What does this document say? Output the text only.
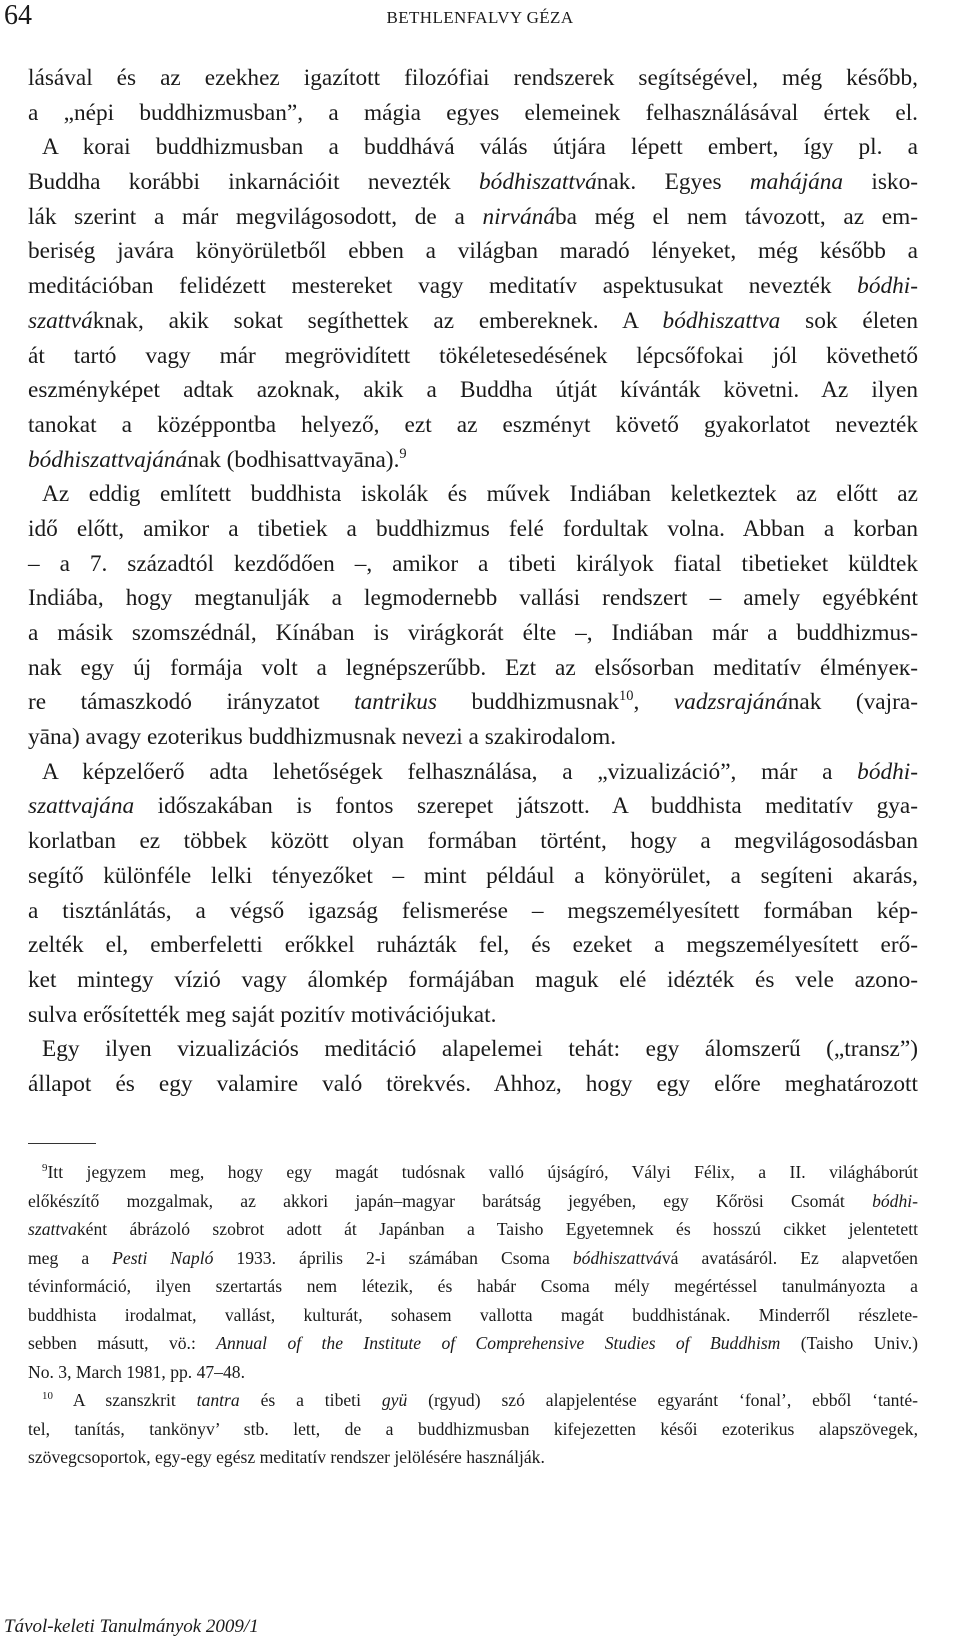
64	BETHLENFALVY GÉZA
lásával és az ezekhez igazított filozófiai rendszerek segítségével, még később,
a „népi buddhizmusban”, a mágia egyes elemeinek felhasználásával értek el.
A korai buddhizmusban a buddhává válás útjára lépett embert, így pl. a
Buddha korábbi inkarnációit nevezték bódhiszattvának. Egyes mahájána isko-
lák szerint a már megvilágosodott, de a nirvánába még el nem távozott, az em-
beriség javára könyörületből ebben a világban maradó lényeket, még később a
meditációban felidézett mestereket vagy meditatív aspektusukat nevezték bódhi-
szattváknak, akik sokat segíthettek az embereknek. A bódhiszattva sok életen
át tartó vagy már megrövidített tökéletesedésének lépcsőfokai jól követhető
eszményképet adtak azoknak, akik a Buddha útját kívánták követni. Az ilyen
tanokat a középpontba helyező, ezt az eszményt követő gyakorlatot nevezték
bódhiszattvajánának (bodhisattvayāna).$^9$
Az eddig említett buddhista iskolák és művek Indiában keletkeztek az előtt az
idő előtt, amikor a tibetiek a buddhizmus felé fordultak volna. Abban a korban
– a 7. századtól kezdődően –, amikor a tibeti királyok fiatal tibetieket küldtek
Indiába, hogy megtanulják a legmodernebb vallási rendszert – amely egyébként
a másik szomszédnál, Kínában is virágkorát élte –, Indiában már a buddhizmus-
nak egy új formája volt a legnépszerűbb. Ezt az elsősorban meditatív élményeк-
re támaszkodó irányzatot tantrikus buddhizmusnak$^{10}$, vadzsrajánának (vajra-
yāna) avagy ezoterikus buddhizmusnak nevezi a szakirodalom.
A képzelőerő adta lehetőségek felhasználása, a „vizualizáció”, már a bódhi-
szattvajána időszakában is fontos szerepet játszott. A buddhista meditatív gya-
korlatban ez többek között olyan formában történt, hogy a megvilágosodásban
segítő különféle lelki tényezőket – mint például a könyörület, a segíteni akarás,
a tisztánlátás, a végső igazság felismerése – megszemélyesített formában kép-
zelték el, emberfeletti erőkkel ruházták fel, és ezeket a megszemélyesített erő-
ket mintegy vízió vagy álomkép formájában maguk elé idézték és vele azono-
sulva erősítették meg saját pozitív motivációjukat.
Egy ilyen vizualizációs meditáció alapelemei tehát: egy álomszerű („transz”)
állapot és egy valamire való törekvés. Ahhoz, hogy egy előre meghatározott
$^9$Itt jegyzem meg, hogy egy magát tudósnak valló újságíró, Vályi Félix, a II. világháborút
előkészítő mozgalmak, az akkori japán–magyar barátság jegyében, egy Kőrösi Csomát bódhi-
szattvaként ábrázoló szobrot adott át Japánban a Taisho Egyetemnek és hosszú cikket jelentetett
meg a Pesti Napló 1933. április 2-i számában Csoma bódhiszattvává avatásáról. Ez alapvetően
tévinformáció, ilyen szertartás nem létezik, és habár Csoma mély megértéssel tanulmányozta a
buddhista irodalmat, vallást, kulturát, sohasem vallotta magát buddhistának. Minderről részlete-
sebben másutt, vö.: Annual of the Institute of Comprehensive Studies of Buddhism (Taisho Univ.)
No. 3, March 1981, pp. 47–48.
$^{10}$ A szanszkrit tantra és a tibeti gyü (rgyud) szó alapjelentése egyaránt ‘fonal’, ebből ‘tanté-
tel, tanítás, tankönyv’ stb. lett, de a buddhizmusban kifejezetten késői ezoterikus alapszövegek,
szövegcsoportok, egy-egy egész meditatív rendszer jelölésére használják.
Távol-keleti Tanulmányok 2009/1
